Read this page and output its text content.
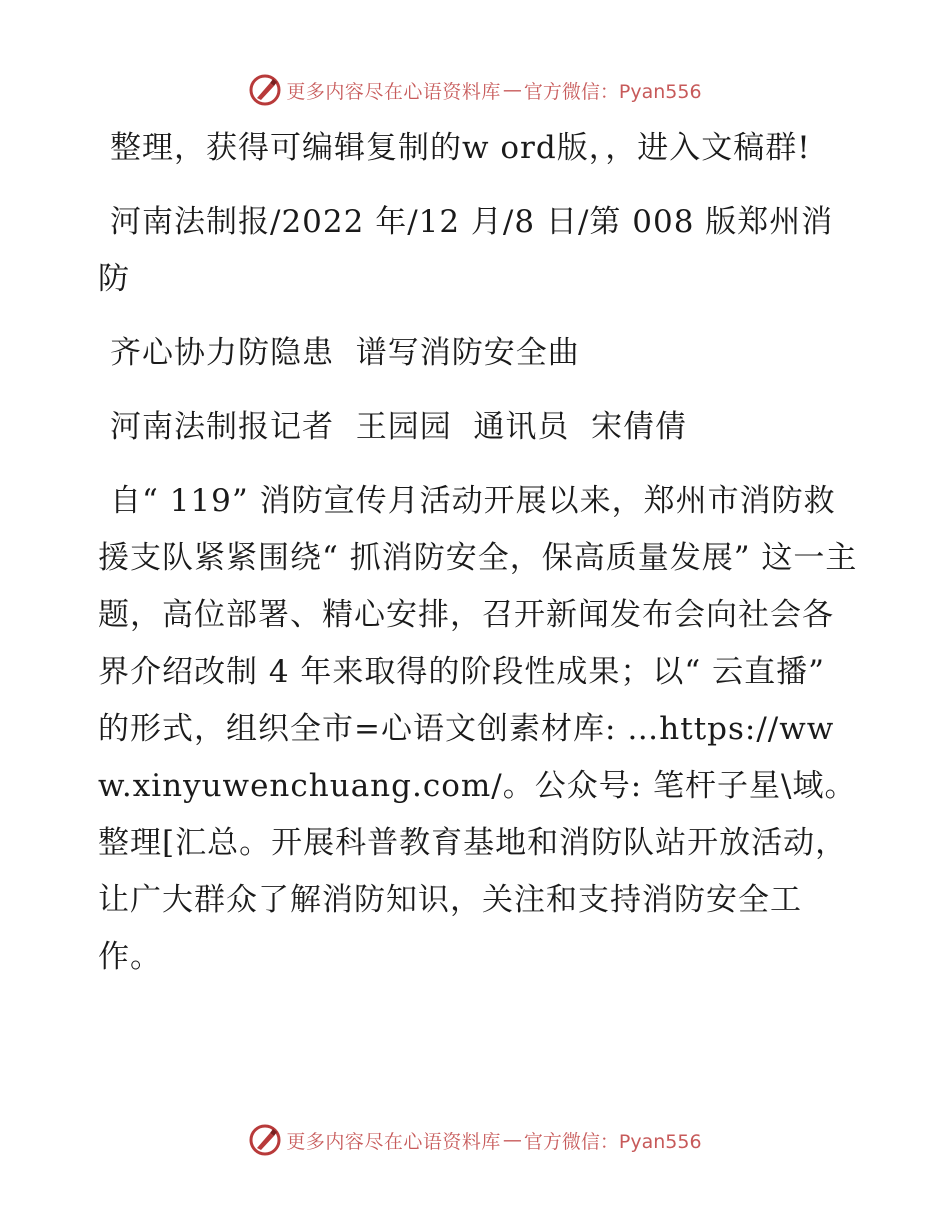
更多内容尽在心语资料库 — 官方微信：Pyan556

整理，获得可编辑复制的w ord版，，进入文稿群!

河南法制报/2022 年/12 月/8 日/第 008 版郑州消防

齐心协力防隐患  谱写消防安全曲

河南法制报记者  王园园  通讯员  宋倩倩

自“ 119” 消防宣传月活动开展以来，郑州市消防救援支队紧紧围绕“ 抓消防安全，保高质量发展” 这一主题，高位部署、精心安排，召开新闻发布会向社会各界介绍改制 4 年来取得的阶段性成果；以“ 云直播” 的形式，组织全市=心语文创素材库: …https://www.xinyuwenchuang.com/。公众号: 笔杆子星\域。整理[汇总。开展科普教育基地和消防队站开放活动，让广大群众了解消防知识，关注和支持消防安全工作。

更多内容尽在心语资料库 — 官方微信：Pyan556
